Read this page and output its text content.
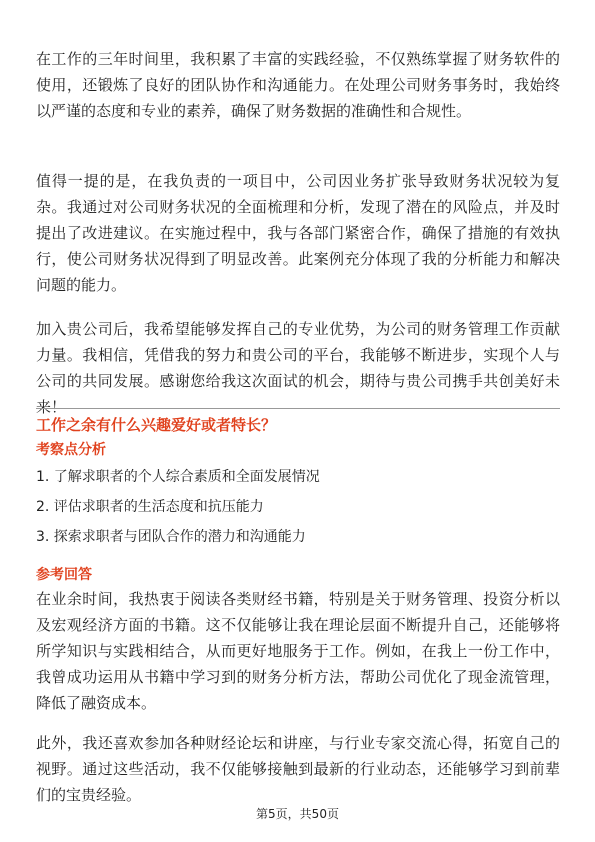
在工作的三年时间里，我积累了丰富的实践经验，不仅熟练掌握了财务软件的使用，还锻炼了良好的团队协作和沟通能力。在处理公司财务事务时，我始终以严谨的态度和专业的素养，确保了财务数据的准确性和合规性。

值得一提的是，在我负责的一项目中，公司因业务扩张导致财务状况较为复杂。我通过对公司财务状况的全面梳理和分析，发现了潜在的风险点，并及时提出了改进建议。在实施过程中，我与各部门紧密合作，确保了措施的有效执行，使公司财务状况得到了明显改善。此案例充分体现了我的分析能力和解决问题的能力。

加入贵公司后，我希望能够发挥自己的专业优势，为公司的财务管理工作贡献力量。我相信，凭借我的努力和贵公司的平台，我能够不断进步，实现个人与公司的共同发展。感谢您给我这次面试的机会，期待与贵公司携手共创美好未来！

工作之余有什么兴趣爱好或者特长？

考察点分析

1. 了解求职者的个人综合素质和全面发展情况
2. 评估求职者的生活态度和抗压能力
3. 探索求职者与团队合作的潜力和沟通能力

参考回答

在业余时间，我热衷于阅读各类财经书籍，特别是关于财务管理、投资分析以及宏观经济方面的书籍。这不仅能够让我在理论层面不断提升自己，还能够将所学知识与实践相结合，从而更好地服务于工作。例如，在我上一份工作中，我曾成功运用从书籍中学习到的财务分析方法，帮助公司优化了现金流管理，降低了融资成本。

此外，我还喜欢参加各种财经论坛和讲座，与行业专家交流心得，拓宽自己的视野。通过这些活动，我不仅能够接触到最新的行业动态，还能够学习到前辈们的宝贵经验。

第5页，共50页
